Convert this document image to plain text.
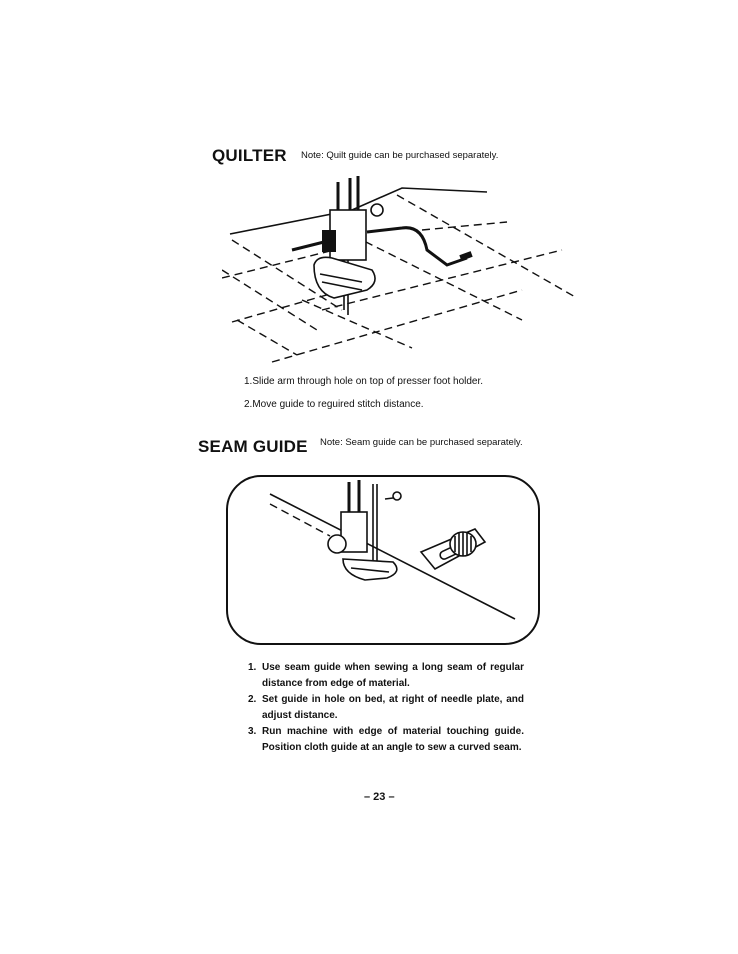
QUILTER Note: Quilt guide can be purchased separately.
1.Slide arm through hole on top of presser foot holder.
2.Move guide to reguired stitch distance.
SEAM GUIDE Note: Seam guide can be purchased separately.
1. Use seam guide when sewing a long seam of regular distance from edge of material.
2. Set guide in hole on bed, at right of needle plate, and adjust distance.
3. Run machine with edge of material touching guide. Position cloth guide at an angle to sew a curved seam.
– 23 –
